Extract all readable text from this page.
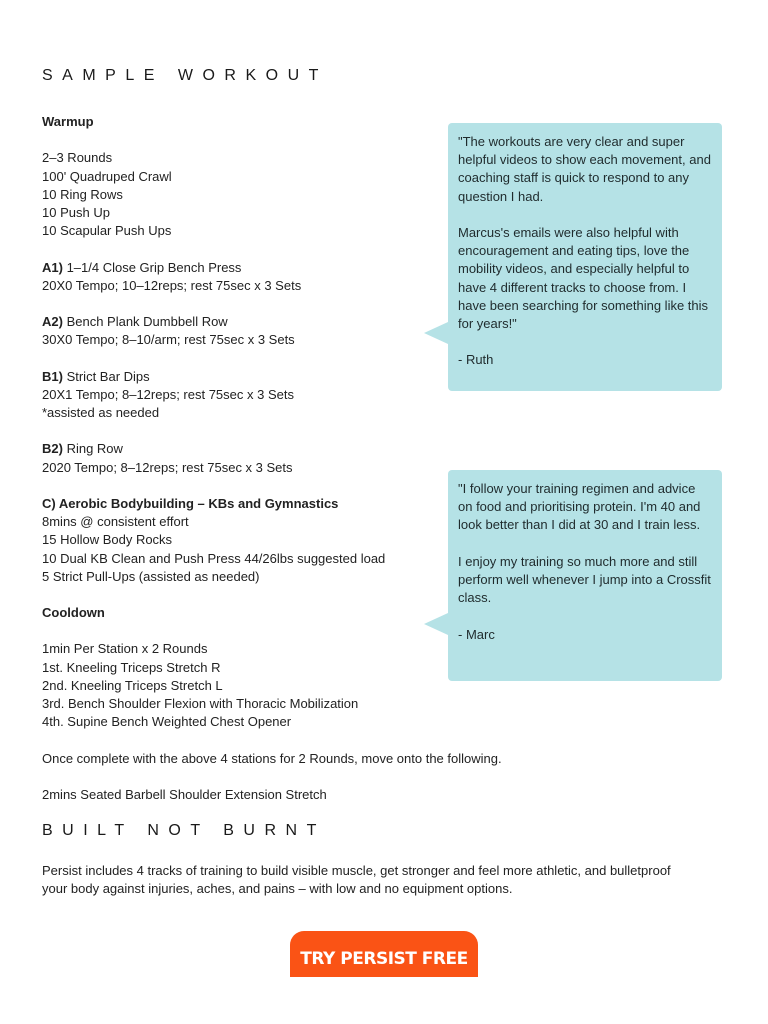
SAMPLE WORKOUT
Warmup
2–3 Rounds
100' Quadruped Crawl
10 Ring Rows
10 Push Up
10 Scapular Push Ups
A1) 1–1/4 Close Grip Bench Press
20X0 Tempo; 10–12reps; rest 75sec x 3 Sets
A2) Bench Plank Dumbbell Row
30X0 Tempo; 8–10/arm; rest 75sec x 3 Sets
B1) Strict Bar Dips
20X1 Tempo; 8–12reps; rest 75sec x 3 Sets
*assisted as needed
B2) Ring Row
2020 Tempo; 8–12reps; rest 75sec x 3 Sets
C) Aerobic Bodybuilding – KBs and Gymnastics
8mins @ consistent effort
15 Hollow Body Rocks
10 Dual KB Clean and Push Press 44/26lbs suggested load
5 Strict Pull-Ups (assisted as needed)
Cooldown
1min Per Station x 2 Rounds
1st. Kneeling Triceps Stretch R
2nd. Kneeling Triceps Stretch L
3rd. Bench Shoulder Flexion with Thoracic Mobilization
4th. Supine Bench Weighted Chest Opener
Once complete with the above 4 stations for 2 Rounds, move onto the following.
2mins Seated Barbell Shoulder Extension Stretch

"The workouts are very clear and super helpful videos to show each movement, and coaching staff is quick to respond to any question I had.

Marcus's emails were also helpful with encouragement and eating tips, love the mobility videos, and especially helpful to have 4 different tracks to choose from. I have been searching for something like this for years!"

- Ruth

"I follow your training regimen and advice on food and prioritising protein. I'm 40 and look better than I did at 30 and I train less.

I enjoy my training so much more and still perform well whenever I jump into a Crossfit class.

- Marc

BUILT NOT BURNT
Persist includes 4 tracks of training to build visible muscle, get stronger and feel more athletic, and bulletproof your body against injuries, aches, and pains – with low and no equipment options.
TRY PERSIST FREE
